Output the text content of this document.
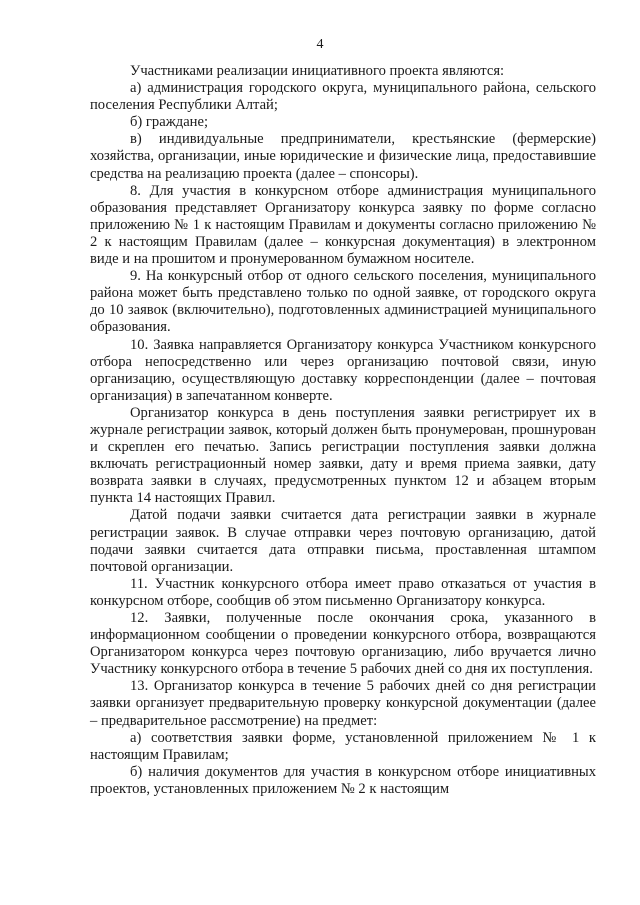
4

Участниками реализации инициативного проекта являются:

а) администрация городского округа, муниципального района, сельского поселения Республики Алтай;

б) граждане;

в) индивидуальные предприниматели, крестьянские (фермерские) хозяйства, организации, иные юридические и физические лица, предоставившие средства на реализацию проекта (далее – спонсоры).

8. Для участия в конкурсном отборе администрация муниципального образования представляет Организатору конкурса заявку по форме согласно приложению № 1 к настоящим Правилам и документы согласно приложению № 2 к настоящим Правилам (далее – конкурсная документация) в электронном виде и на прошитом и пронумерованном бумажном носителе.

9. На конкурсный отбор от одного сельского поселения, муниципального района может быть представлено только по одной заявке, от городского округа до 10 заявок (включительно), подготовленных администрацией муниципального образования.

10. Заявка направляется Организатору конкурса Участником конкурсного отбора непосредственно или через организацию почтовой связи, иную организацию, осуществляющую доставку корреспонденции (далее – почтовая организация) в запечатанном конверте.

Организатор конкурса в день поступления заявки регистрирует их в журнале регистрации заявок, который должен быть пронумерован, прошнурован и скреплен его печатью. Запись регистрации поступления заявки должна включать регистрационный номер заявки, дату и время приема заявки, дату возврата заявки в случаях, предусмотренных пунктом 12 и абзацем вторым пункта 14 настоящих Правил.

Датой подачи заявки считается дата регистрации заявки в журнале регистрации заявок. В случае отправки через почтовую организацию, датой подачи заявки считается дата отправки письма, проставленная штампом почтовой организации.

11. Участник конкурсного отбора имеет право отказаться от участия в конкурсном отборе, сообщив об этом письменно Организатору конкурса.

12. Заявки, полученные после окончания срока, указанного в информационном сообщении о проведении конкурсного отбора, возвращаются Организатором конкурса через почтовую организацию, либо вручается лично Участнику конкурсного отбора в течение 5 рабочих дней со дня их поступления.

13. Организатор конкурса в течение 5 рабочих дней со дня регистрации заявки организует предварительную проверку конкурсной документации (далее – предварительное рассмотрение) на предмет:

а) соответствия заявки форме, установленной приложением № 1 к настоящим Правилам;

б) наличия документов для участия в конкурсном отборе инициативных проектов, установленных приложением № 2 к настоящим
